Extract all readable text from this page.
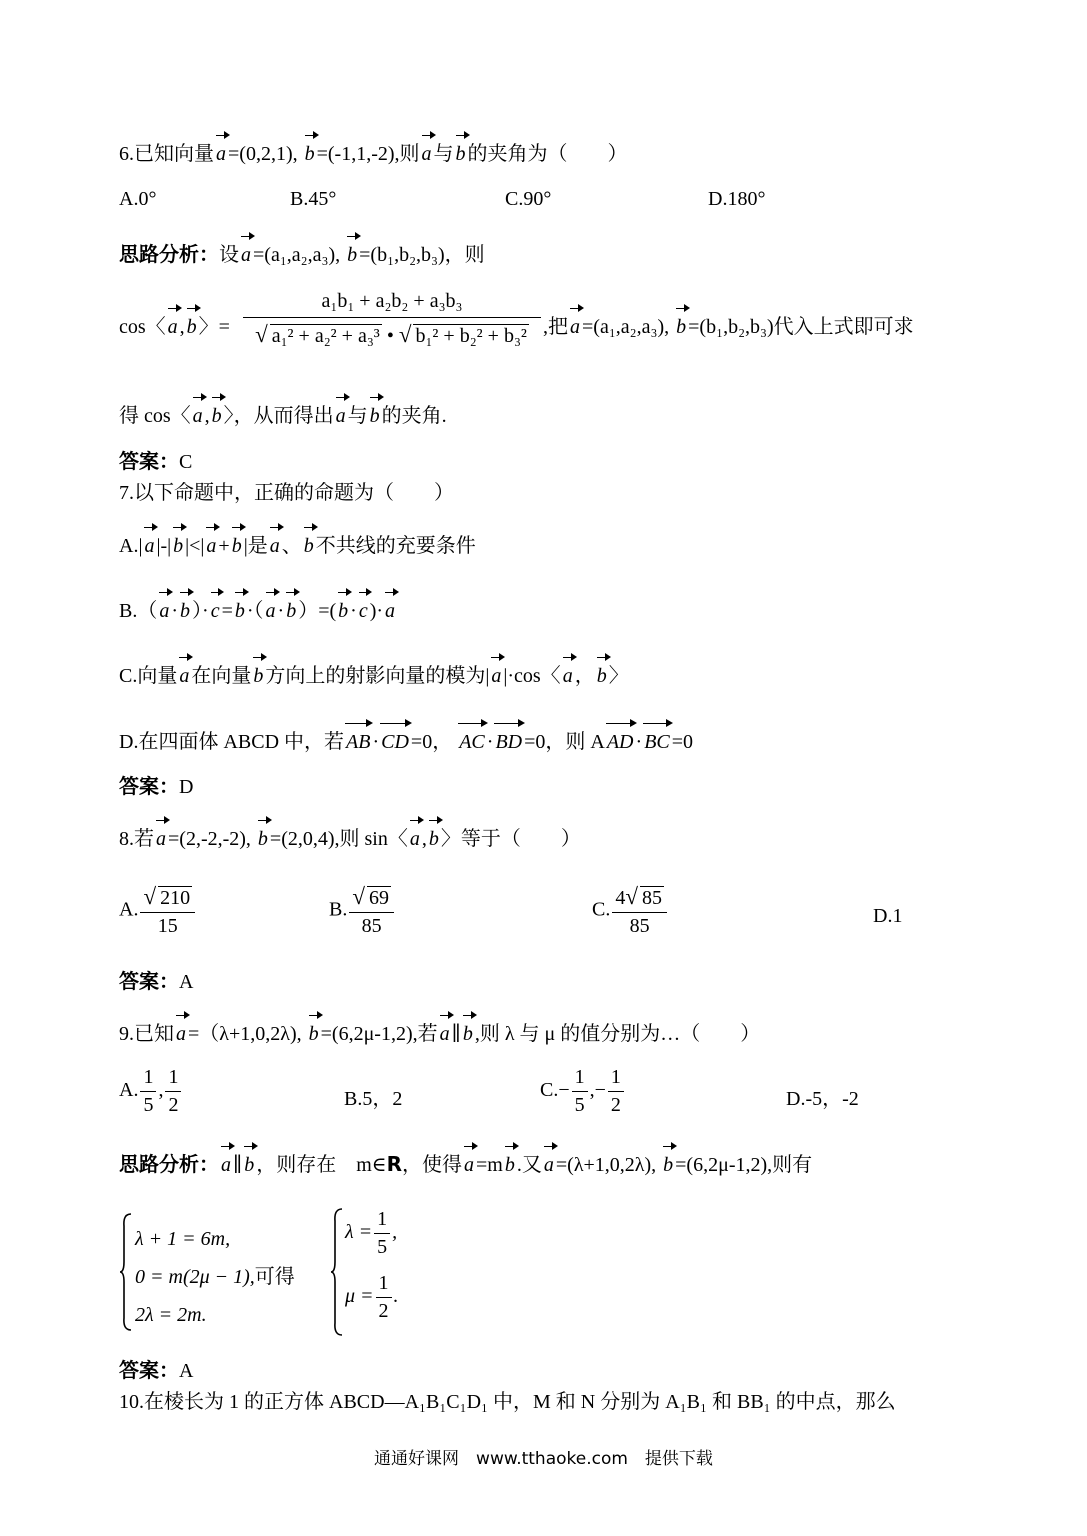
6.已知向量 a =(0,2,1), b =(-1,1,-2),则 a 与 b 的夹角为（　　）
A.0°	B.45°	C.90°	D.180°
思路分析：设 a =(a₁,a₂,a₃), b =(b₁,b₂,b₃)，则
cos〈 a , b 〉= $\frac{\text{a₁b₁ + a₂b₂ + a₃b₃}}{\text{√ a₁² + a₂² + a₃³ • √ b₁² + b₂² + b₃²}}$ ,把 a =(a₁,a₂,a₃), b =(b₁,b₂,b₃)代入上式即可求
得 cos〈 a , b 〉，从而得出 a 与 b 的夹角.
答案：C
7.以下命题中，正确的命题为（　　）
A.| a |-| b |<| a + b |是 a 、 b 不共线的充要条件
B.（ a · b ）· c = b ·（ a · b ）=( b · c )· a
C.向量 a 在向量 b 方向上的射影向量的模为| a |·cos〈 a ， b 〉
D.在四面体 ABCD 中，若 AB · CD =0， AC · BD =0，则 A AD · BC =0
答案：D
8.若 a =(2,-2,-2), b =(2,0,4),则 sin〈 a , b 〉等于（　　）
A. $\frac{√ 210}{15}$	B. $\frac{√ 69}{85}$	C. $\frac{4√ 85}{85}$	D.1
答案：A
9.已知 a =（λ+1,0,2λ), b =(6,2μ-1,2),若 a ∥ b ,则 λ 与 μ 的值分别为…（　　）
A. $\frac{1}{5}$ , $\frac{1}{2}$	B.5，2	$C.- \frac{1}{5}$ ,− $\frac{1}{2}$	D.-5，-2
思路分析： a ∥ b ，则存在　m∈R，使得 a =m b .又 a =(λ+1,0,2λ), b =(6,2μ-1,2),则有
λ + 1 = 6m,
0 = m(2μ − 1),可得
2λ = 2m.
$\lambda = \frac{1}{5}$ ,
$\mu = \frac{1}{2}$ .
答案：A
10.在棱长为 1 的正方体 ABCD—A₁B₁C₁D₁ 中，M 和 N 分别为 A₁B₁ 和 BB₁ 的中点，那么
通通好课网　www.tthaoke.com　提供下载
